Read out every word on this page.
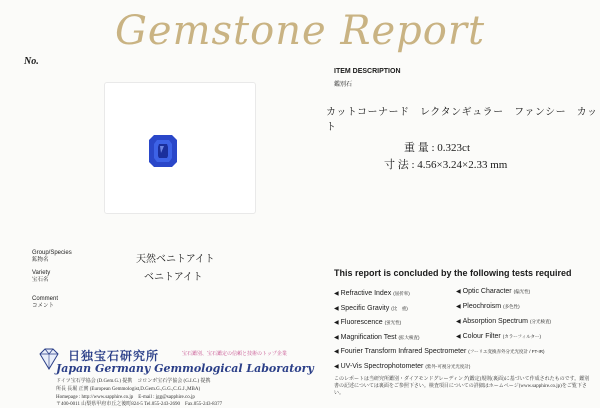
Gemstone Report
No.
ITEM DESCRIPTION
鑑別石
カットコーナード　レクタンギュラー　ファンシー　カット
重 量 : 0.323ct
寸 法 : 4.56×3.24×2.33 mm
Group/Species
鉱物名	天然ベニトアイト
Variety
宝石名	ベニトアイト
Comment
コメント
This report is concluded by the following tests required
◀ Refractive Index (屈折率)
◀ Specific Gravity (比　重)
◀ Fluorescence (蛍光性)
◀ Magnification Test (拡大検査)
◀ Optic Character (偏光性)
◀ Pleochroism (多色性)
◀ Absorption Spectrum (分光検査)
◀ Colour Filter (カラーフィルター)
◀ Fourier Transform Infrared Spectrometer (フーリエ変換赤外分光光度計 / FT-IR)
◀ UV-Vis Spectrophotometer (紫外-可視分光光度計)
このレポートは当研究所鑑別・ダイアモンドグレーディング(鑑定)規則(裏面)に基づいて作成されたものです。鑑別書の記述については裏面をご参照下さい。検査項目についての詳細はホームページ(www.sapphire.co.jp)をご覧下さい。
日独宝石研究所	宝石鑑別、宝石鑑定の信頼と技術のトップ企業
Japan Germany Gemmological Laboratory
ドイツ宝石学協会 (D.Gem.G.) 提携　コロンボ宝石学協会 (G.I.C.) 提携
所長 長堀 正實 (European Gemmologist,D.Gem.G.,G.G.,C.G.J.,MBA)
Homepage : http://www.sapphire.co.jp　E-mail : jgg@sapphire.co.jp
〒400-0011 山梨県甲府市丘之後町824-5 Tel.055-243-2690　Fax.055-243-8377
